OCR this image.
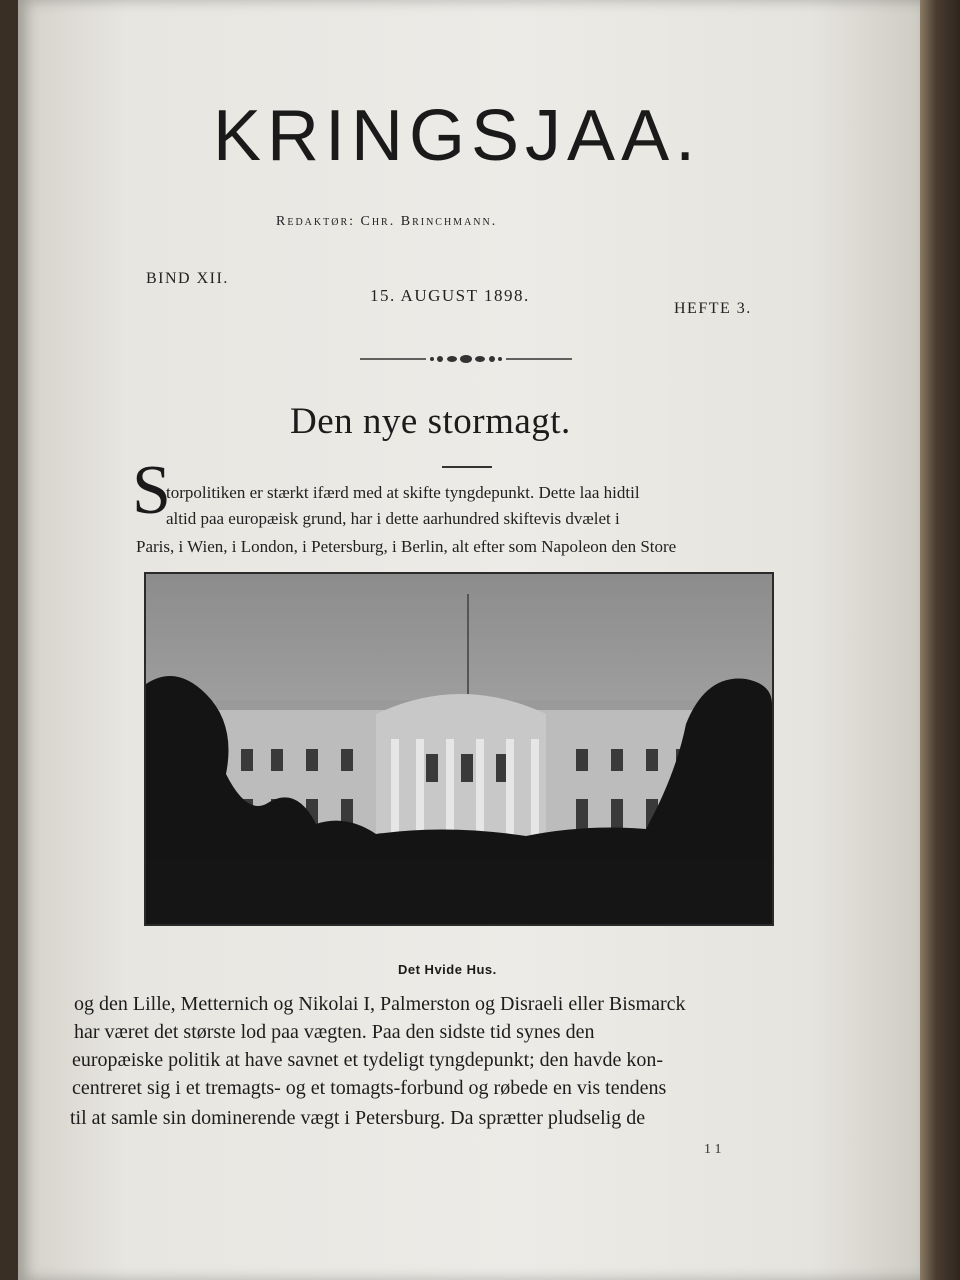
KRINGSJAA.
Redaktør: Chr. Brinchmann.
BIND XII.
15. AUGUST 1898.
HEFTE 3.
Den nye stormagt.
S
torpolitiken er stærkt ifærd med at skifte tyngdepunkt. Dette laa hidtil
altid paa europæisk grund, har i dette aarhundred skiftevis dvælet i
Paris, i Wien, i London, i Petersburg, i Berlin, alt efter som Napoleon den Store
Det Hvide Hus.
og den Lille, Metternich og Nikolai I, Palmerston og Disraeli eller Bismarck
har været det største lod paa vægten. Paa den sidste tid synes den
europæiske politik at have savnet et tydeligt tyngdepunkt; den havde kon-
centreret sig i et tremagts- og et tomagts-forbund og røbede en vis tendens
til at samle sin dominerende vægt i Petersburg. Da sprætter pludselig de
11
